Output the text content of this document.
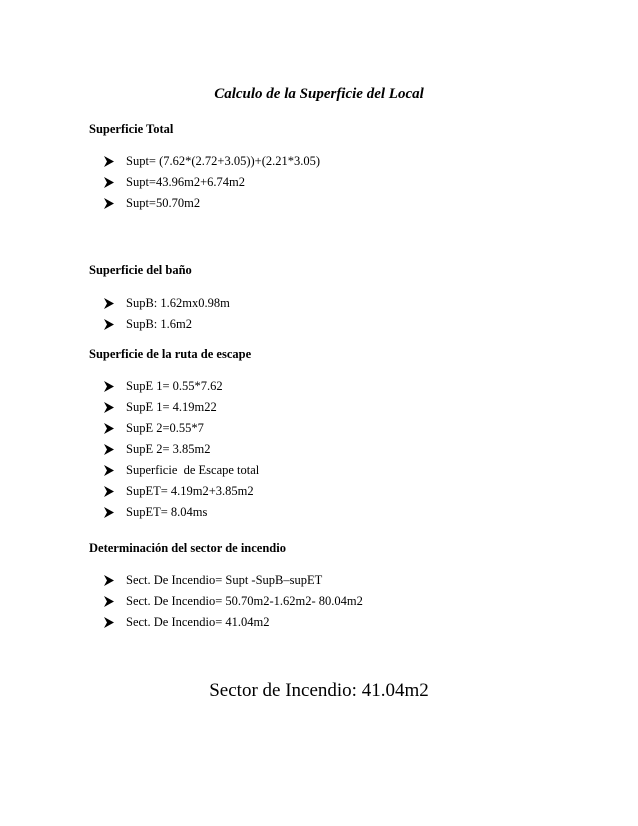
Calculo de la Superficie del Local
Superficie Total
Supt= (7.62*(2.72+3.05))+(2.21*3.05)
Supt=43.96m2+6.74m2
Supt=50.70m2
Superficie del baño
SupB: 1.62mx0.98m
SupB: 1.6m2
Superficie de la ruta de escape
SupE 1= 0.55*7.62
SupE 1= 4.19m22
SupE 2=0.55*7
SupE 2= 3.85m2
Superficie  de Escape total
SupET= 4.19m2+3.85m2
SupET= 8.04ms
Determinación del sector de incendio
Sect. De Incendio= Supt -SupB–supET
Sect. De Incendio= 50.70m2-1.62m2- 80.04m2
Sect. De Incendio= 41.04m2
Sector de Incendio: 41.04m2
